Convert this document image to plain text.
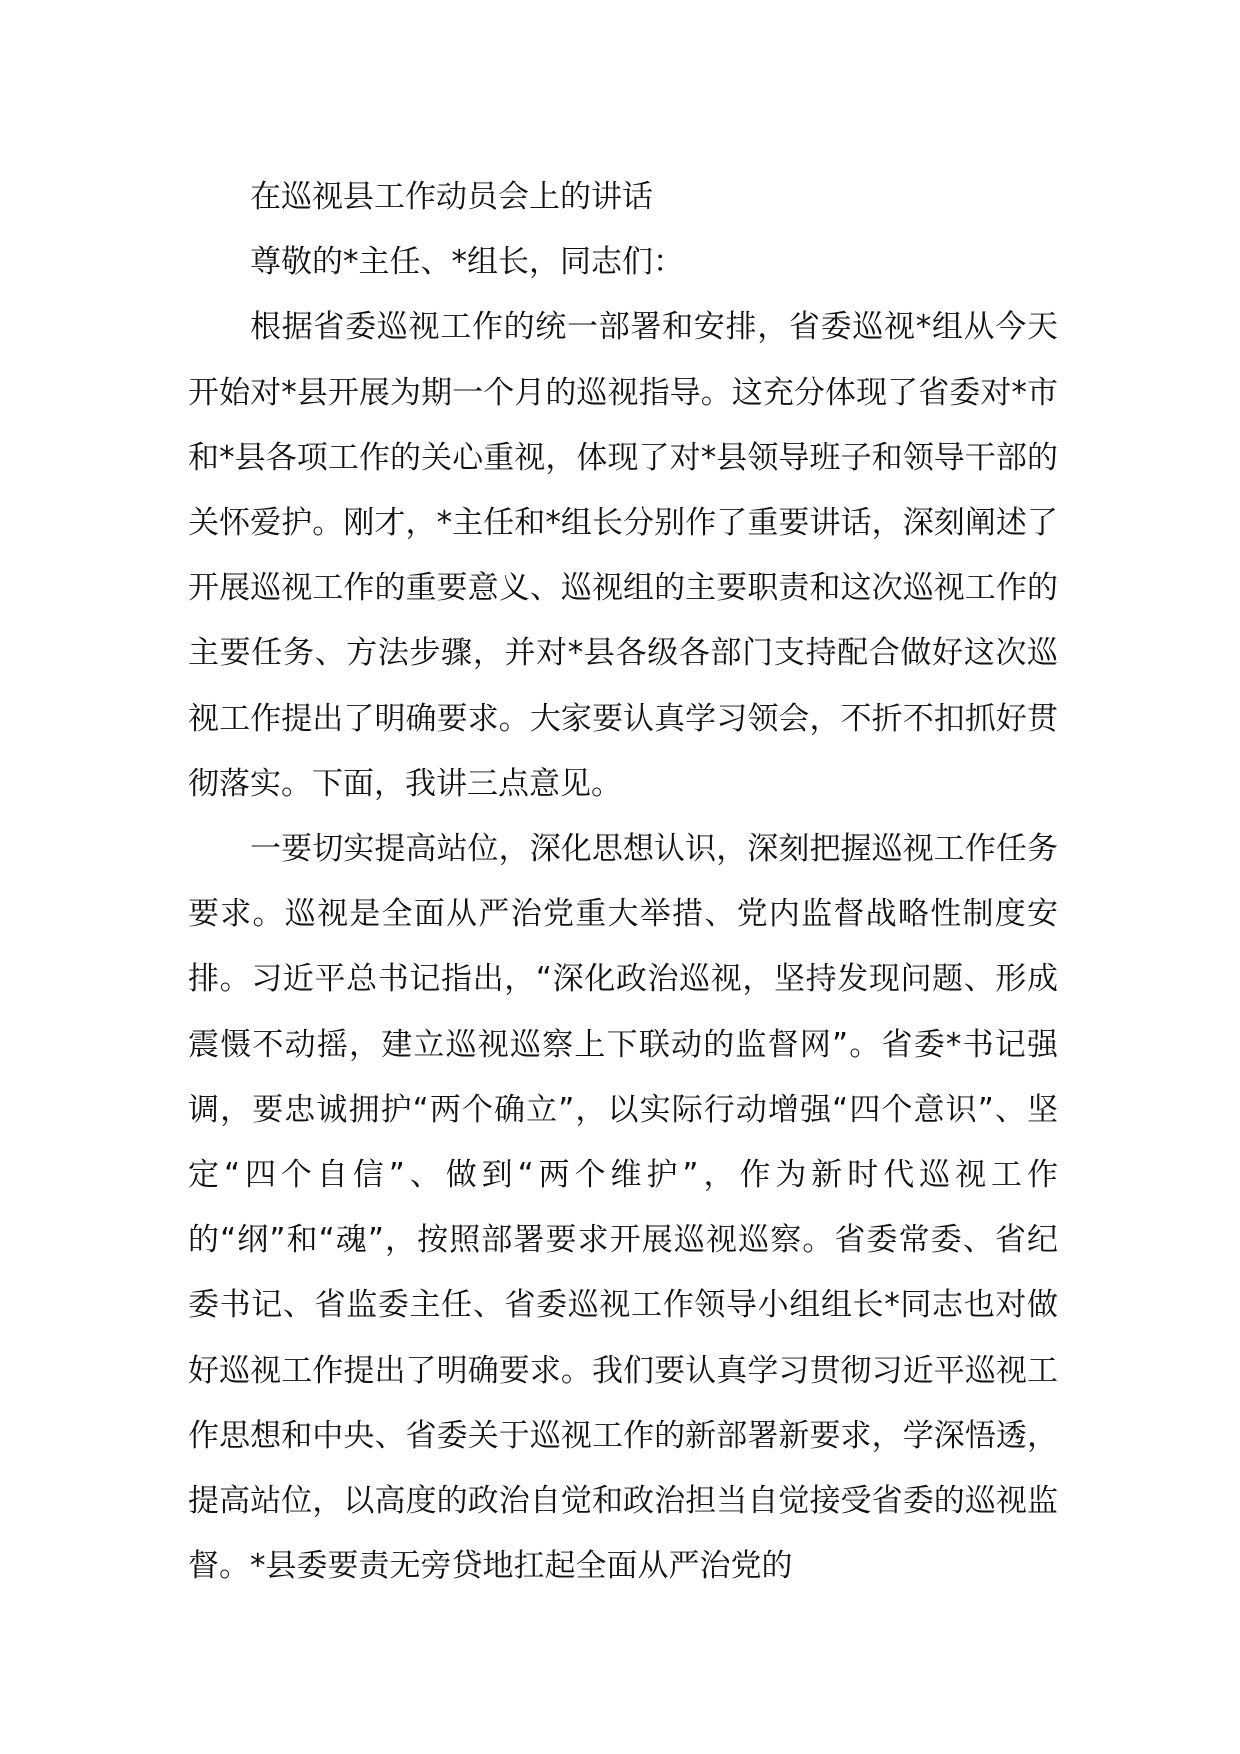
在巡视县工作动员会上的讲话

尊敬的*主任、*组长，同志们：

根据省委巡视工作的统一部署和安排，省委巡视*组从今天开始对*县开展为期一个月的巡视指导。这充分体现了省委对*市和*县各项工作的关心重视，体现了对*县领导班子和领导干部的关怀爱护。刚才，*主任和*组长分别作了重要讲话，深刻阐述了开展巡视工作的重要意义、巡视组的主要职责和这次巡视工作的主要任务、方法步骤，并对*县各级各部门支持配合做好这次巡视工作提出了明确要求。大家要认真学习领会，不折不扣抓好贯彻落实。下面，我讲三点意见。

一要切实提高站位，深化思想认识，深刻把握巡视工作任务要求。巡视是全面从严治党重大举措、党内监督战略性制度安排。习近平总书记指出，“深化政治巡视，坚持发现问题、形成震慑不动摇，建立巡视巡察上下联动的监督网”。省委*书记强调，要忠诚拥护“两个确立”，以实际行动增强“四个意识”、坚定“四个自信”、做到“两个维护”，作为新时代巡视工作的“纲”和“魂”，按照部署要求开展巡视巡察。省委常委、省纪委书记、省监委主任、省委巡视工作领导小组组长*同志也对做好巡视工作提出了明确要求。我们要认真学习贯彻习近平巡视工作思想和中央、省委关于巡视工作的新部署新要求，学深悟透，提高站位，以高度的政治自觉和政治担当自觉接受省委的巡视监督。*县委要责无旁贷地扛起全面从严治党的
